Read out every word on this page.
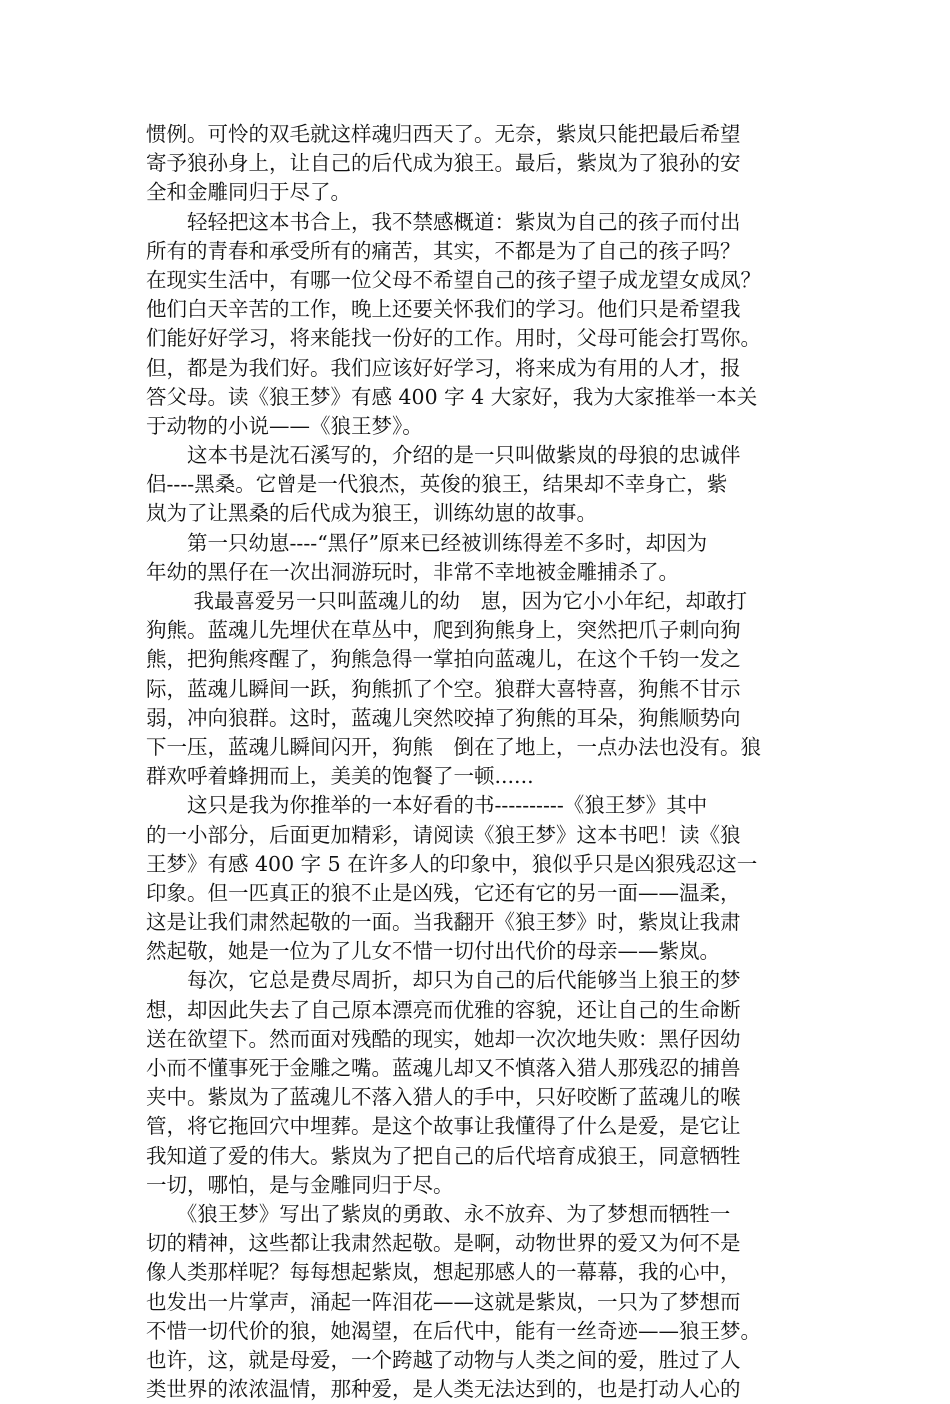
惯例。可怜的双毛就这样魂归西天了。无奈，紫岚只能把最后希望
寄予狼孙身上，让自己的后代成为狼王。最后，紫岚为了狼孙的安
全和金雕同归于尽了。
　　轻轻把这本书合上，我不禁感概道：紫岚为自己的孩子而付出
所有的青春和承受所有的痛苦，其实，不都是为了自己的孩子吗？
在现实生活中，有哪一位父母不希望自己的孩子望子成龙望女成凤？
他们白天辛苦的工作，晚上还要关怀我们的学习。他们只是希望我
们能好好学习，将来能找一份好的工作。用时，父母可能会打骂你。
但，都是为我们好。我们应该好好学习，将来成为有用的人才，报
答父母。读《狼王梦》有感 400 字 4 大家好，我为大家推举一本关
于动物的小说——《狼王梦》。
　　这本书是沈石溪写的，介绍的是一只叫做紫岚的母狼的忠诚伴
侣----黑桑。它曾是一代狼杰，英俊的狼王，结果却不幸身亡，紫
岚为了让黑桑的后代成为狼王，训练幼崽的故事。
　　第一只幼崽----“黑仔”原来已经被训练得差不多时，却因为
年幼的黑仔在一次出洞游玩时，非常不幸地被金雕捕杀了。
　　 我最喜爱另一只叫蓝魂儿的幼　崽，因为它小小年纪，却敢打
狗熊。蓝魂儿先埋伏在草丛中，爬到狗熊身上，突然把爪子刺向狗
熊，把狗熊疼醒了，狗熊急得一掌拍向蓝魂儿，在这个千钧一发之
际，蓝魂儿瞬间一跃，狗熊抓了个空。狼群大喜特喜，狗熊不甘示
弱，冲向狼群。这时，蓝魂儿突然咬掉了狗熊的耳朵，狗熊顺势向
下一压，蓝魂儿瞬间闪开，狗熊　倒在了地上，一点办法也没有。狼
群欢呼着蜂拥而上，美美的饱餐了一顿......
　　这只是我为你推举的一本好看的书----------《狼王梦》其中
的一小部分，后面更加精彩，请阅读《狼王梦》这本书吧！读《狼
王梦》有感 400 字 5 在许多人的印象中，狼似乎只是凶狠残忍这一
印象。但一匹真正的狼不止是凶残，它还有它的另一面——温柔，
这是让我们肃然起敬的一面。当我翻开《狼王梦》时，紫岚让我肃
然起敬，她是一位为了儿女不惜一切付出代价的母亲——紫岚。
　　每次，它总是费尽周折，却只为自己的后代能够当上狼王的梦
想，却因此失去了自己原本漂亮而优雅的容貌，还让自己的生命断
送在欲望下。然而面对残酷的现实，她却一次次地失败：黑仔因幼
小而不懂事死于金雕之嘴。蓝魂儿却又不慎落入猎人那残忍的捕兽
夹中。紫岚为了蓝魂儿不落入猎人的手中，只好咬断了蓝魂儿的喉
管，将它拖回穴中埋葬。是这个故事让我懂得了什么是爱，是它让
我知道了爱的伟大。紫岚为了把自己的后代培育成狼王，同意牺牲
一切，哪怕，是与金雕同归于尽。
　　《狼王梦》写出了紫岚的勇敢、永不放弃、为了梦想而牺牲一
切的精神，这些都让我肃然起敬。是啊，动物世界的爱又为何不是
像人类那样呢？每每想起紫岚，想起那感人的一幕幕，我的心中，
也发出一片掌声，涌起一阵泪花——这就是紫岚，一只为了梦想而
不惜一切代价的狼，她渴望，在后代中，能有一丝奇迹——狼王梦。
也许，这，就是母爱，一个跨越了动物与人类之间的爱，胜过了人
类世界的浓浓温情，那种爱，是人类无法达到的，也是打动人心的
